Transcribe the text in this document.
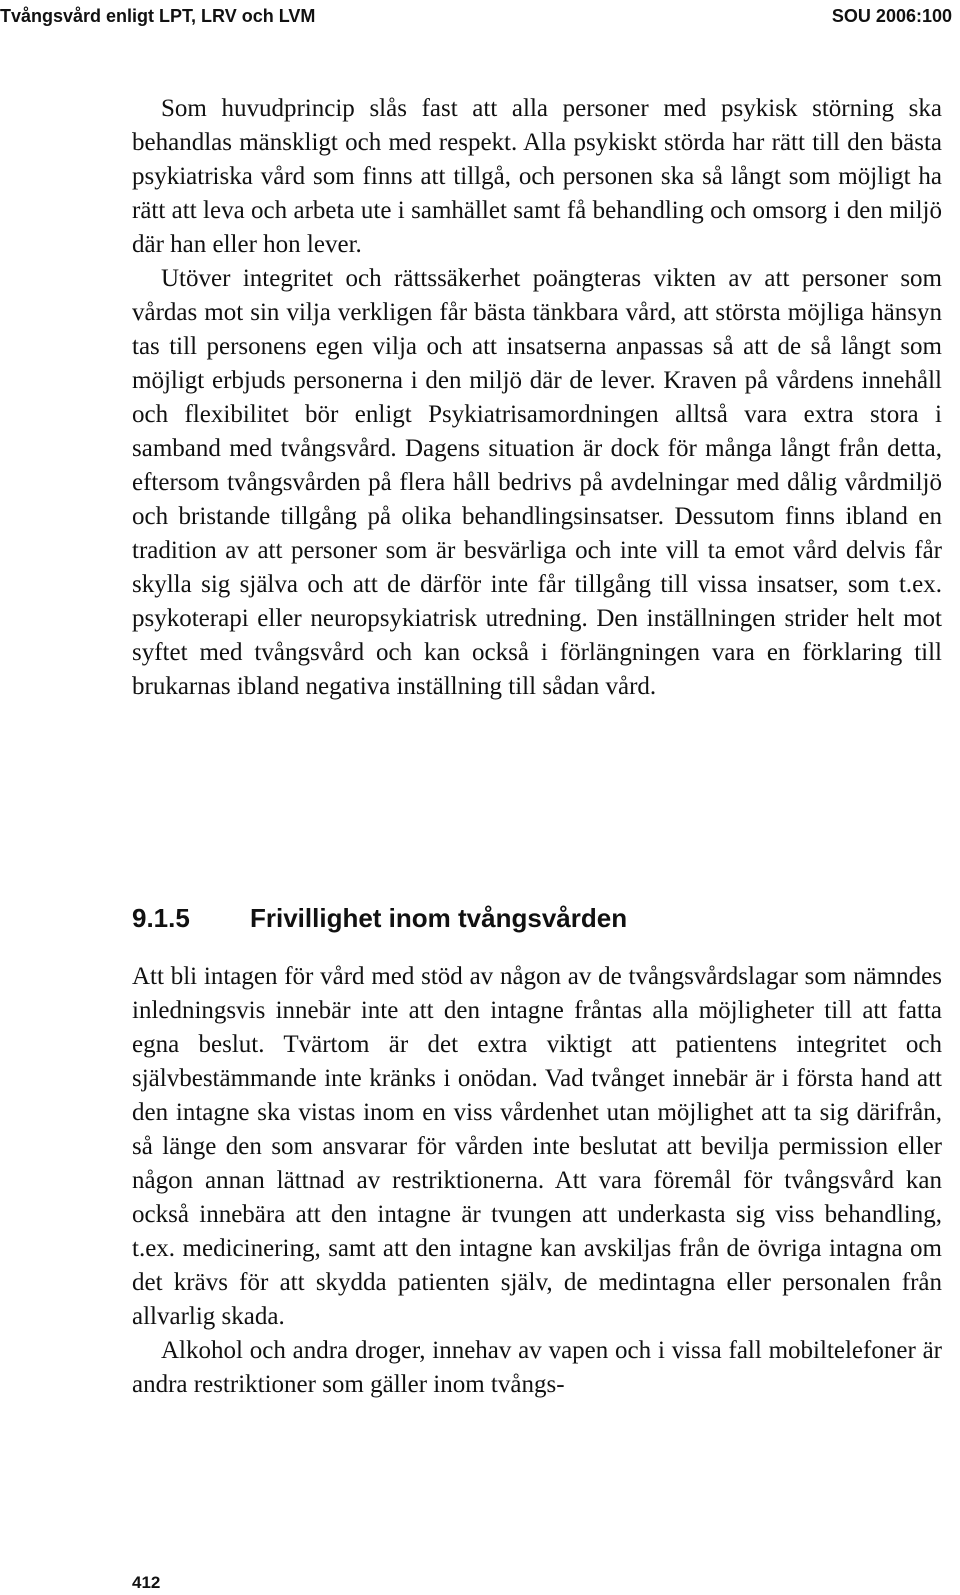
Tvångsvård enligt LPT, LRV och LVM	SOU 2006:100

Som huvudprincip slås fast att alla personer med psykisk störning ska behandlas mänskligt och med respekt. Alla psykiskt störda har rätt till den bästa psykiatriska vård som finns att tillgå, och personen ska så långt som möjligt ha rätt att leva och arbeta ute i samhället samt få behandling och omsorg i den miljö där han eller hon lever.

Utöver integritet och rättssäkerhet poängteras vikten av att personer som vårdas mot sin vilja verkligen får bästa tänkbara vård, att största möjliga hänsyn tas till personens egen vilja och att insatserna anpassas så att de så långt som möjligt erbjuds personerna i den miljö där de lever. Kraven på vårdens innehåll och flexibilitet bör enligt Psykiatrisamordningen alltså vara extra stora i samband med tvångsvård. Dagens situation är dock för många långt från detta, eftersom tvångsvården på flera håll bedrivs på avdelningar med dålig vårdmiljö och bristande tillgång på olika behandlingsinsatser. Dessutom finns ibland en tradition av att personer som är besvärliga och inte vill ta emot vård delvis får skylla sig själva och att de därför inte får tillgång till vissa insatser, som t.ex. psykoterapi eller neuropsykiatrisk utredning. Den inställningen strider helt mot syftet med tvångsvård och kan också i förlängningen vara en förklaring till brukarnas ibland negativa inställning till sådan vård.

9.1.5 Frivillighet inom tvångsvården

Att bli intagen för vård med stöd av någon av de tvångsvårdslagar som nämndes inledningsvis innebär inte att den intagne fråntas alla möjligheter till att fatta egna beslut. Tvärtom är det extra viktigt att patientens integritet och självbestämmande inte kränks i onödan. Vad tvånget innebär är i första hand att den intagne ska vistas inom en viss vårdenhet utan möjlighet att ta sig därifrån, så länge den som ansvarar för vården inte beslutat att bevilja permission eller någon annan lättnad av restriktionerna. Att vara föremål för tvångsvård kan också innebära att den intagne är tvungen att underkasta sig viss behandling, t.ex. medicinering, samt att den intagne kan avskiljas från de övriga intagna om det krävs för att skydda patienten själv, de medintagna eller personalen från allvarlig skada.

Alkohol och andra droger, innehav av vapen och i vissa fall mobiltelefoner är andra restriktioner som gäller inom tvångs-

412
